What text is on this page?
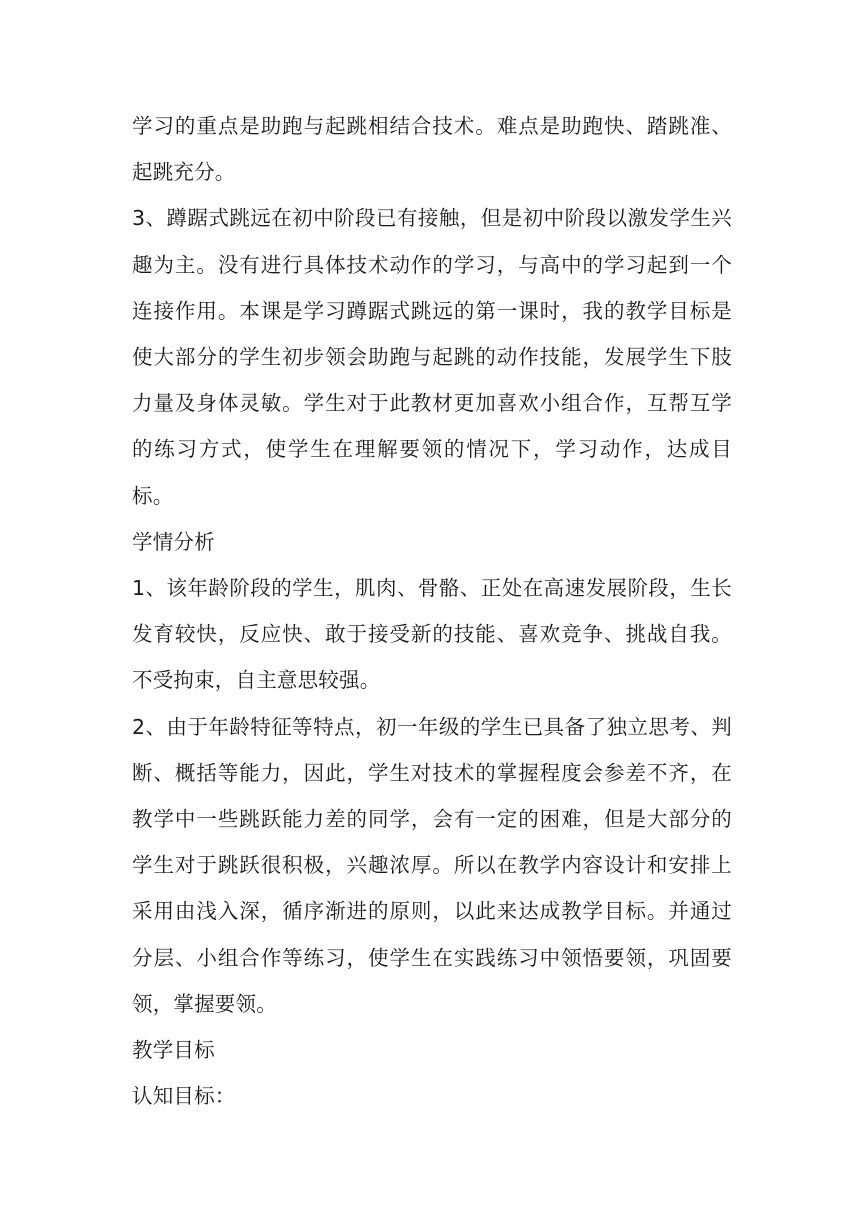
学习的重点是助跑与起跳相结合技术。难点是助跑快、踏跳准、起跳充分。

3、蹲踞式跳远在初中阶段已有接触，但是初中阶段以激发学生兴趣为主。没有进行具体技术动作的学习，与高中的学习起到一个连接作用。本课是学习蹲踞式跳远的第一课时，我的教学目标是使大部分的学生初步领会助跑与起跳的动作技能，发展学生下肢力量及身体灵敏。学生对于此教材更加喜欢小组合作，互帮互学的练习方式，使学生在理解要领的情况下，学习动作，达成目标。

学情分析

1、该年龄阶段的学生，肌肉、骨骼、正处在高速发展阶段，生长发育较快，反应快、敢于接受新的技能、喜欢竞争、挑战自我。不受拘束，自主意思较强。

2、由于年龄特征等特点，初一年级的学生已具备了独立思考、判断、概括等能力，因此，学生对技术的掌握程度会参差不齐，在教学中一些跳跃能力差的同学，会有一定的困难，但是大部分的学生对于跳跃很积极，兴趣浓厚。所以在教学内容设计和安排上采用由浅入深，循序渐进的原则，以此来达成教学目标。并通过分层、小组合作等练习，使学生在实践练习中领悟要领，巩固要领，掌握要领。

教学目标

认知目标：
